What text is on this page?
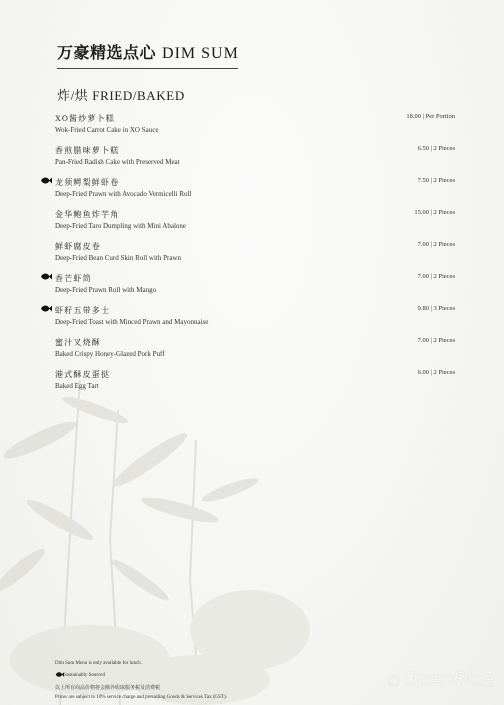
万豪精选点心 DIM SUM
炸/烘 FRIED/BAKED
XO酱炒萝卜糕
Wok-Fried Carrot Cake in XO Sauce
18.00 | Per Portion
香煎腊味萝卜糕
Pan-Fried Radish Cake with Preserved Meat
6.50 | 2 Pieces
龙须鳄梨鲜虾卷
Deep-Fried Prawn with Avocado Vermicelli Roll
7.50 | 2 Pieces
金华鲍鱼炸芋角
Deep-Fried Taro Dumpling with Mini Abalone
15.00 | 2 Pieces
鲜虾腐皮卷
Deep-Fried Bean Curd Skin Roll with Prawn
7.00 | 2 Pieces
香芒虾筒
Deep-Fried Prawn Roll with Mango
7.00 | 2 Pieces
虾籽五带多士
Deep-Fried Toast with Minced Prawn and Mayonnaise
9.80 | 3 Pieces
蜜汁叉烧酥
Baked Crispy Honey-Glazed Pork Puff
7.00 | 2 Pieces
港式酥皮蛋挞
Baked Egg Tart
6.00 | 2 Pieces
Dim Sum Menu is only available for lunch.
Sustainably Sourced
以上所有商品价格将会额外收取服务税及消费税
Prices are subject to 10% service charge and prevailing Goods & Services Tax (GST).
◉ OpenRice
